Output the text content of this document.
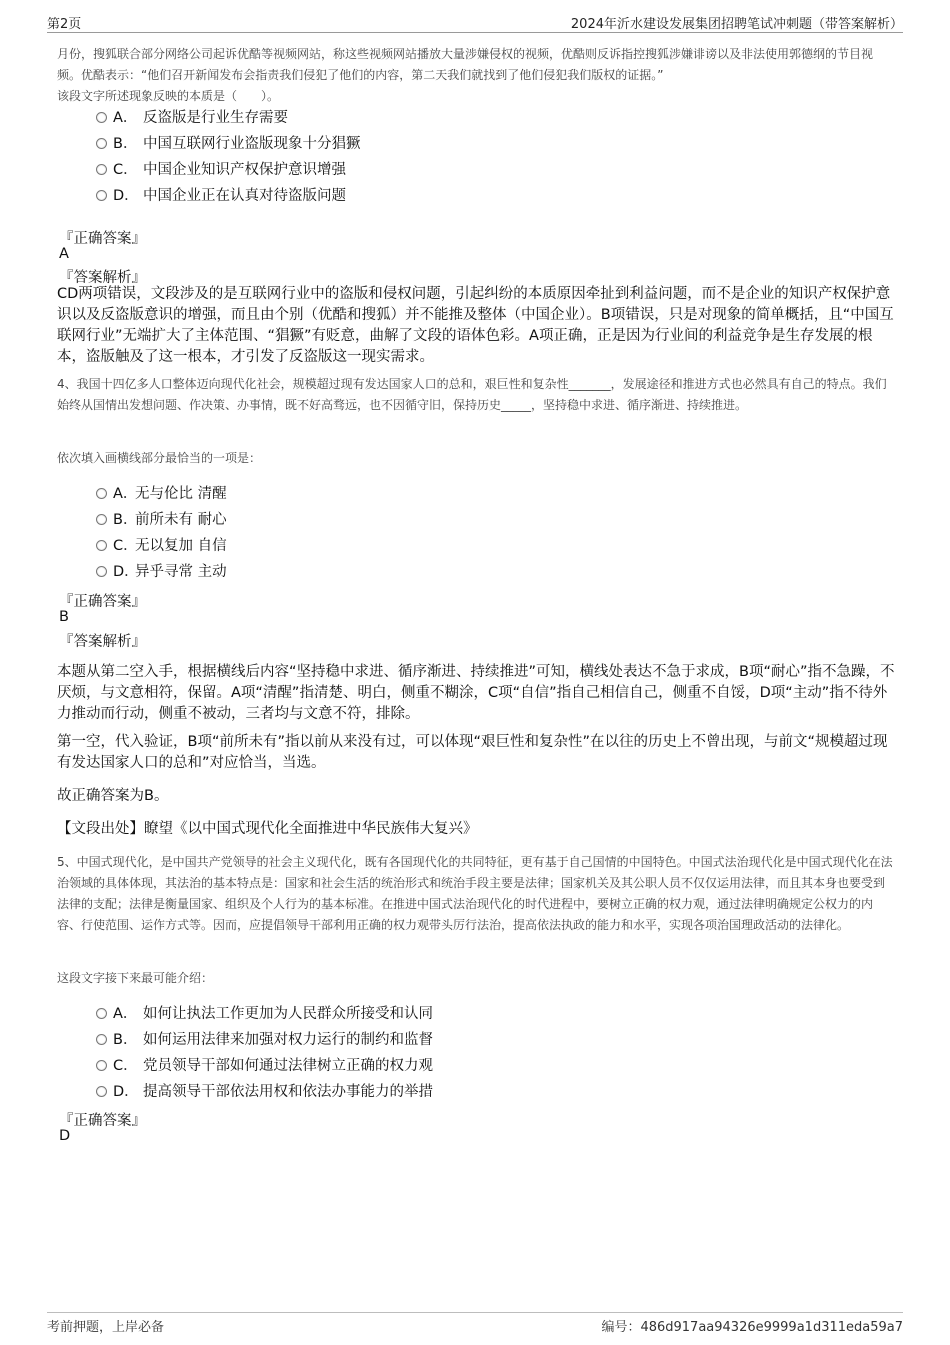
第2页	2024年沂水建设发展集团招聘笔试冲刺题（带答案解析）
月份，搜狐联合部分网络公司起诉优酷等视频网站，称这些视频网站播放大量涉嫌侵权的视频，优酷则反诉指控搜狐涉嫌诽谤以及非法使用郭德纲的节目视频。优酷表示：“他们召开新闻发布会指责我们侵犯了他们的内容，第二天我们就找到了他们侵犯我们版权的证据。”
该段文字所述现象反映的本质是（　　）。
A． 反盗版是行业生存需要
B． 中国互联网行业盗版现象十分猖獗
C． 中国企业知识产权保护意识增强
D． 中国企业正在认真对待盗版问题
『正确答案』
A
『答案解析』
CD两项错误，文段涉及的是互联网行业中的盗版和侵权问题，引起纠纷的本质原因牵扯到利益问题，而不是企业的知识产权保护意识以及反盗版意识的增强，而且由个别（优酷和搜狐）并不能推及整体（中国企业）。B项错误，只是对现象的简单概括，且“中国互联网行业”无端扩大了主体范围、“猖獗”有贬意，曲解了文段的语体色彩。A项正确，正是因为行业间的利益竞争是生存发展的根本，盗版触及了这一根本，才引发了反盗版这一现实需求。
4、我国十四亿多人口整体迈向现代化社会，规模超过现有发达国家人口的总和，艰巨性和复杂性_______，发展途径和推进方式也必然具有自己的特点。我们始终从国情出发想问题、作决策、办事情，既不好高骛远，也不因循守旧，保持历史_____，坚持稳中求进、循序渐进、持续推进。
依次填入画横线部分最恰当的一项是：
A．无与伦比 清醒
B．前所未有 耐心
C．无以复加 自信
D．异乎寻常 主动
『正确答案』
B
『答案解析』
本题从第二空入手，根据横线后内容“坚持稳中求进、循序渐进、持续推进”可知，横线处表达不急于求成，B项“耐心”指不急躁，不厌烦，与文意相符，保留。A项“清醒”指清楚、明白，侧重不糊涂，C项“自信”指自己相信自己，侧重不自馁，D项“主动”指不待外力推动而行动，侧重不被动，三者均与文意不符，排除。
第一空，代入验证，B项“前所未有”指以前从来没有过，可以体现“艰巨性和复杂性”在以往的历史上不曾出现，与前文“规模超过现有发达国家人口的总和”对应恰当，当选。
故正确答案为B。
【文段出处】瞭望《以中国式现代化全面推进中华民族伟大复兴》
5、中国式现代化，是中国共产党领导的社会主义现代化，既有各国现代化的共同特征，更有基于自己国情的中国特色。中国式法治现代化是中国式现代化在法治领域的具体体现，其法治的基本特点是：国家和社会生活的统治形式和统治手段主要是法律；国家机关及其公职人员不仅仅运用法律，而且其本身也要受到法律的支配；法律是衡量国家、组织及个人行为的基本标准。在推进中国式法治现代化的时代进程中，要树立正确的权力观，通过法律明确规定公权力的内容、行使范围、运作方式等。因而，应提倡领导干部利用正确的权力观带头厉行法治，提高依法执政的能力和水平，实现各项治国理政活动的法律化。
这段文字接下来最可能介绍：
A． 如何让执法工作更加为人民群众所接受和认同
B． 如何运用法律来加强对权力运行的制约和监督
C． 党员领导干部如何通过法律树立正确的权力观
D． 提高领导干部依法用权和依法办事能力的举措
『正确答案』
D
考前押题，上岸必备	编号：486d917aa94326e9999a1d311eda59a7
